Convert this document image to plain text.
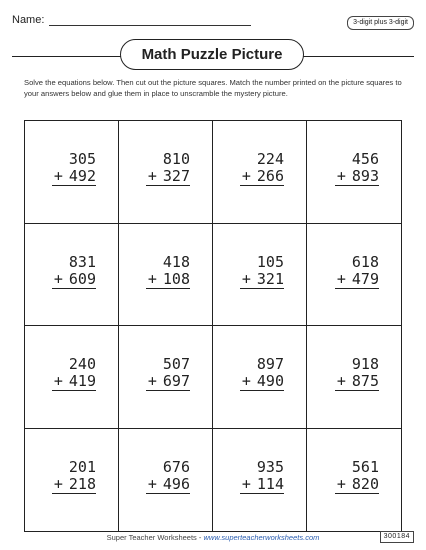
Name:	3-digit plus 3-digit
Math Puzzle Picture

Solve the equations below. Then cut out the picture squares. Match the number printed on the picture squares to your answers below and glue them in place to unscramble the mystery picture.

305
+ 492
810
+ 327
224
+ 266
456
+ 893
831
+ 609
418
+ 108
105
+ 321
618
+ 479
240
+ 419
507
+ 697
897
+ 490
918
+ 875
201
+ 218
676
+ 496
935
+ 114
561
+ 820
Super Teacher Worksheets - www.superteacherworksheets.com	300184
